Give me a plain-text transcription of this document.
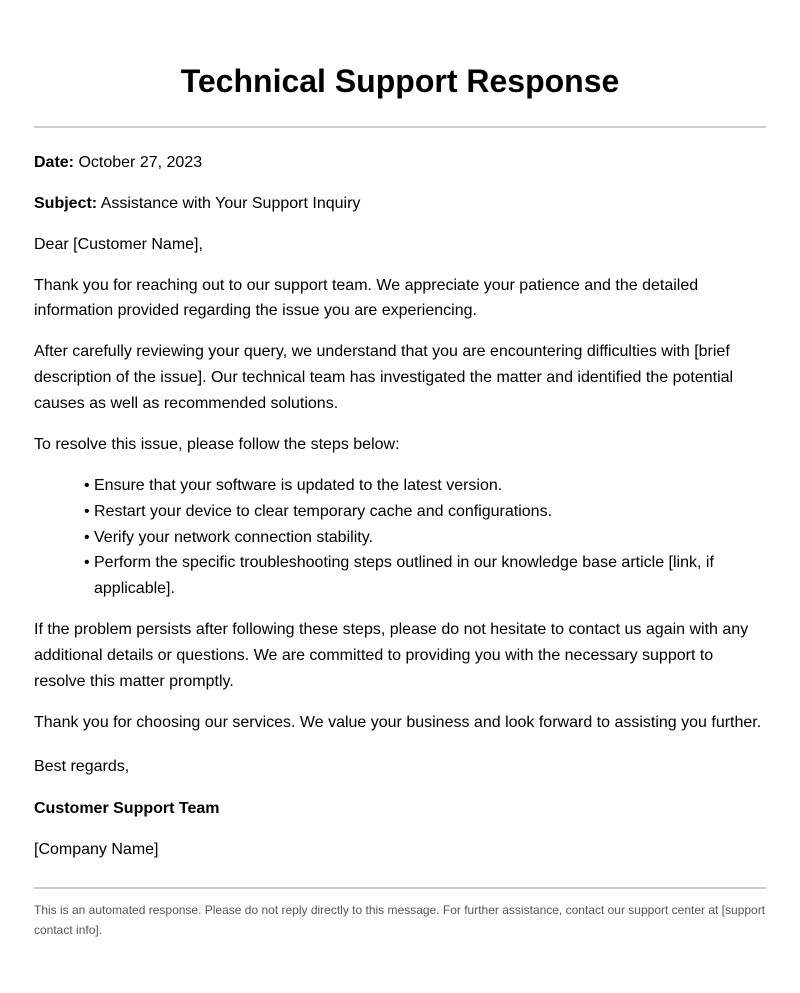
Technical Support Response

Date: October 27, 2023

Subject: Assistance with Your Support Inquiry

Dear [Customer Name],

Thank you for reaching out to our support team. We appreciate your patience and the detailed information provided regarding the issue you are experiencing.

After carefully reviewing your query, we understand that you are encountering difficulties with [brief description of the issue]. Our technical team has investigated the matter and identified the potential causes as well as recommended solutions.

To resolve this issue, please follow the steps below:

• Ensure that your software is updated to the latest version.
• Restart your device to clear temporary cache and configurations.
• Verify your network connection stability.
• Perform the specific troubleshooting steps outlined in our knowledge base article [link, if applicable].

If the problem persists after following these steps, please do not hesitate to contact us again with any additional details or questions. We are committed to providing you with the necessary support to resolve this matter promptly.

Thank you for choosing our services. We value your business and look forward to assisting you further.

Best regards,

Customer Support Team

[Company Name]

This is an automated response. Please do not reply directly to this message. For further assistance, contact our support center at [support contact info].
